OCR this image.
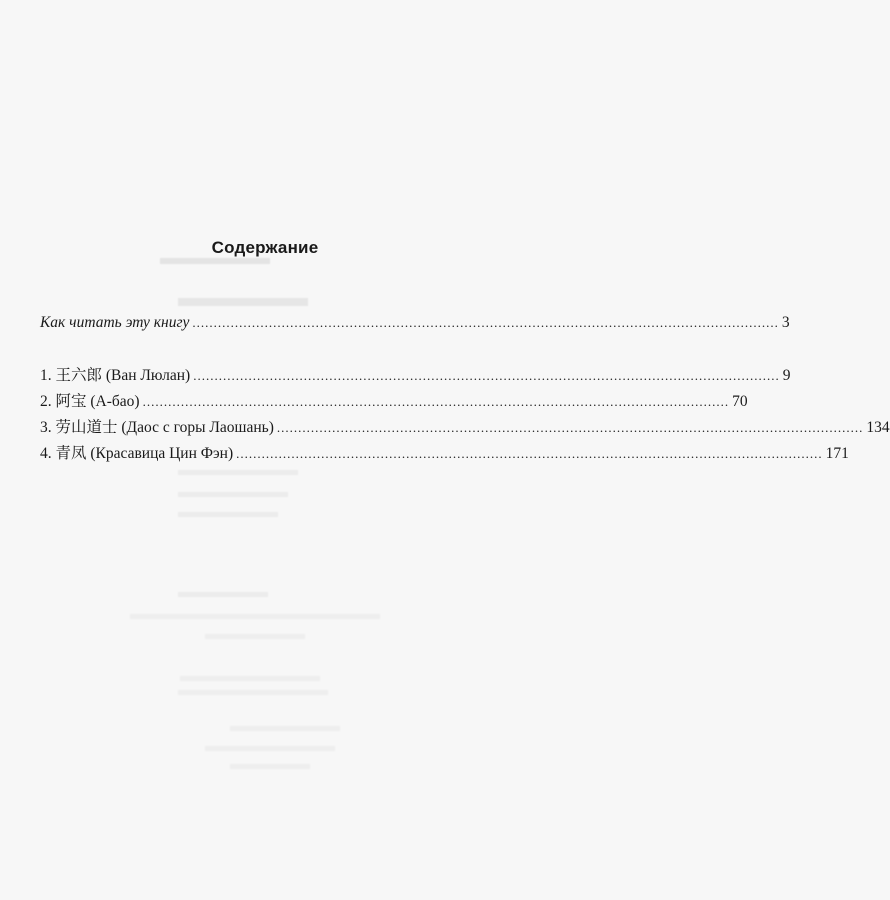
Содержание
Как читать эту книгу .......................................................................................................................................... 3
1. 王六郎 (Ван Люлан) .......................................................................................................................................... 9
2. 阿宝 (А-бао) .......................................................................................................................................... 70
3. 劳山道士 (Даос с горы Лаошань) .......................................................................................................................................... 134
4. 青凤 (Красавица Цин Фэн) .......................................................................................................................................... 171
